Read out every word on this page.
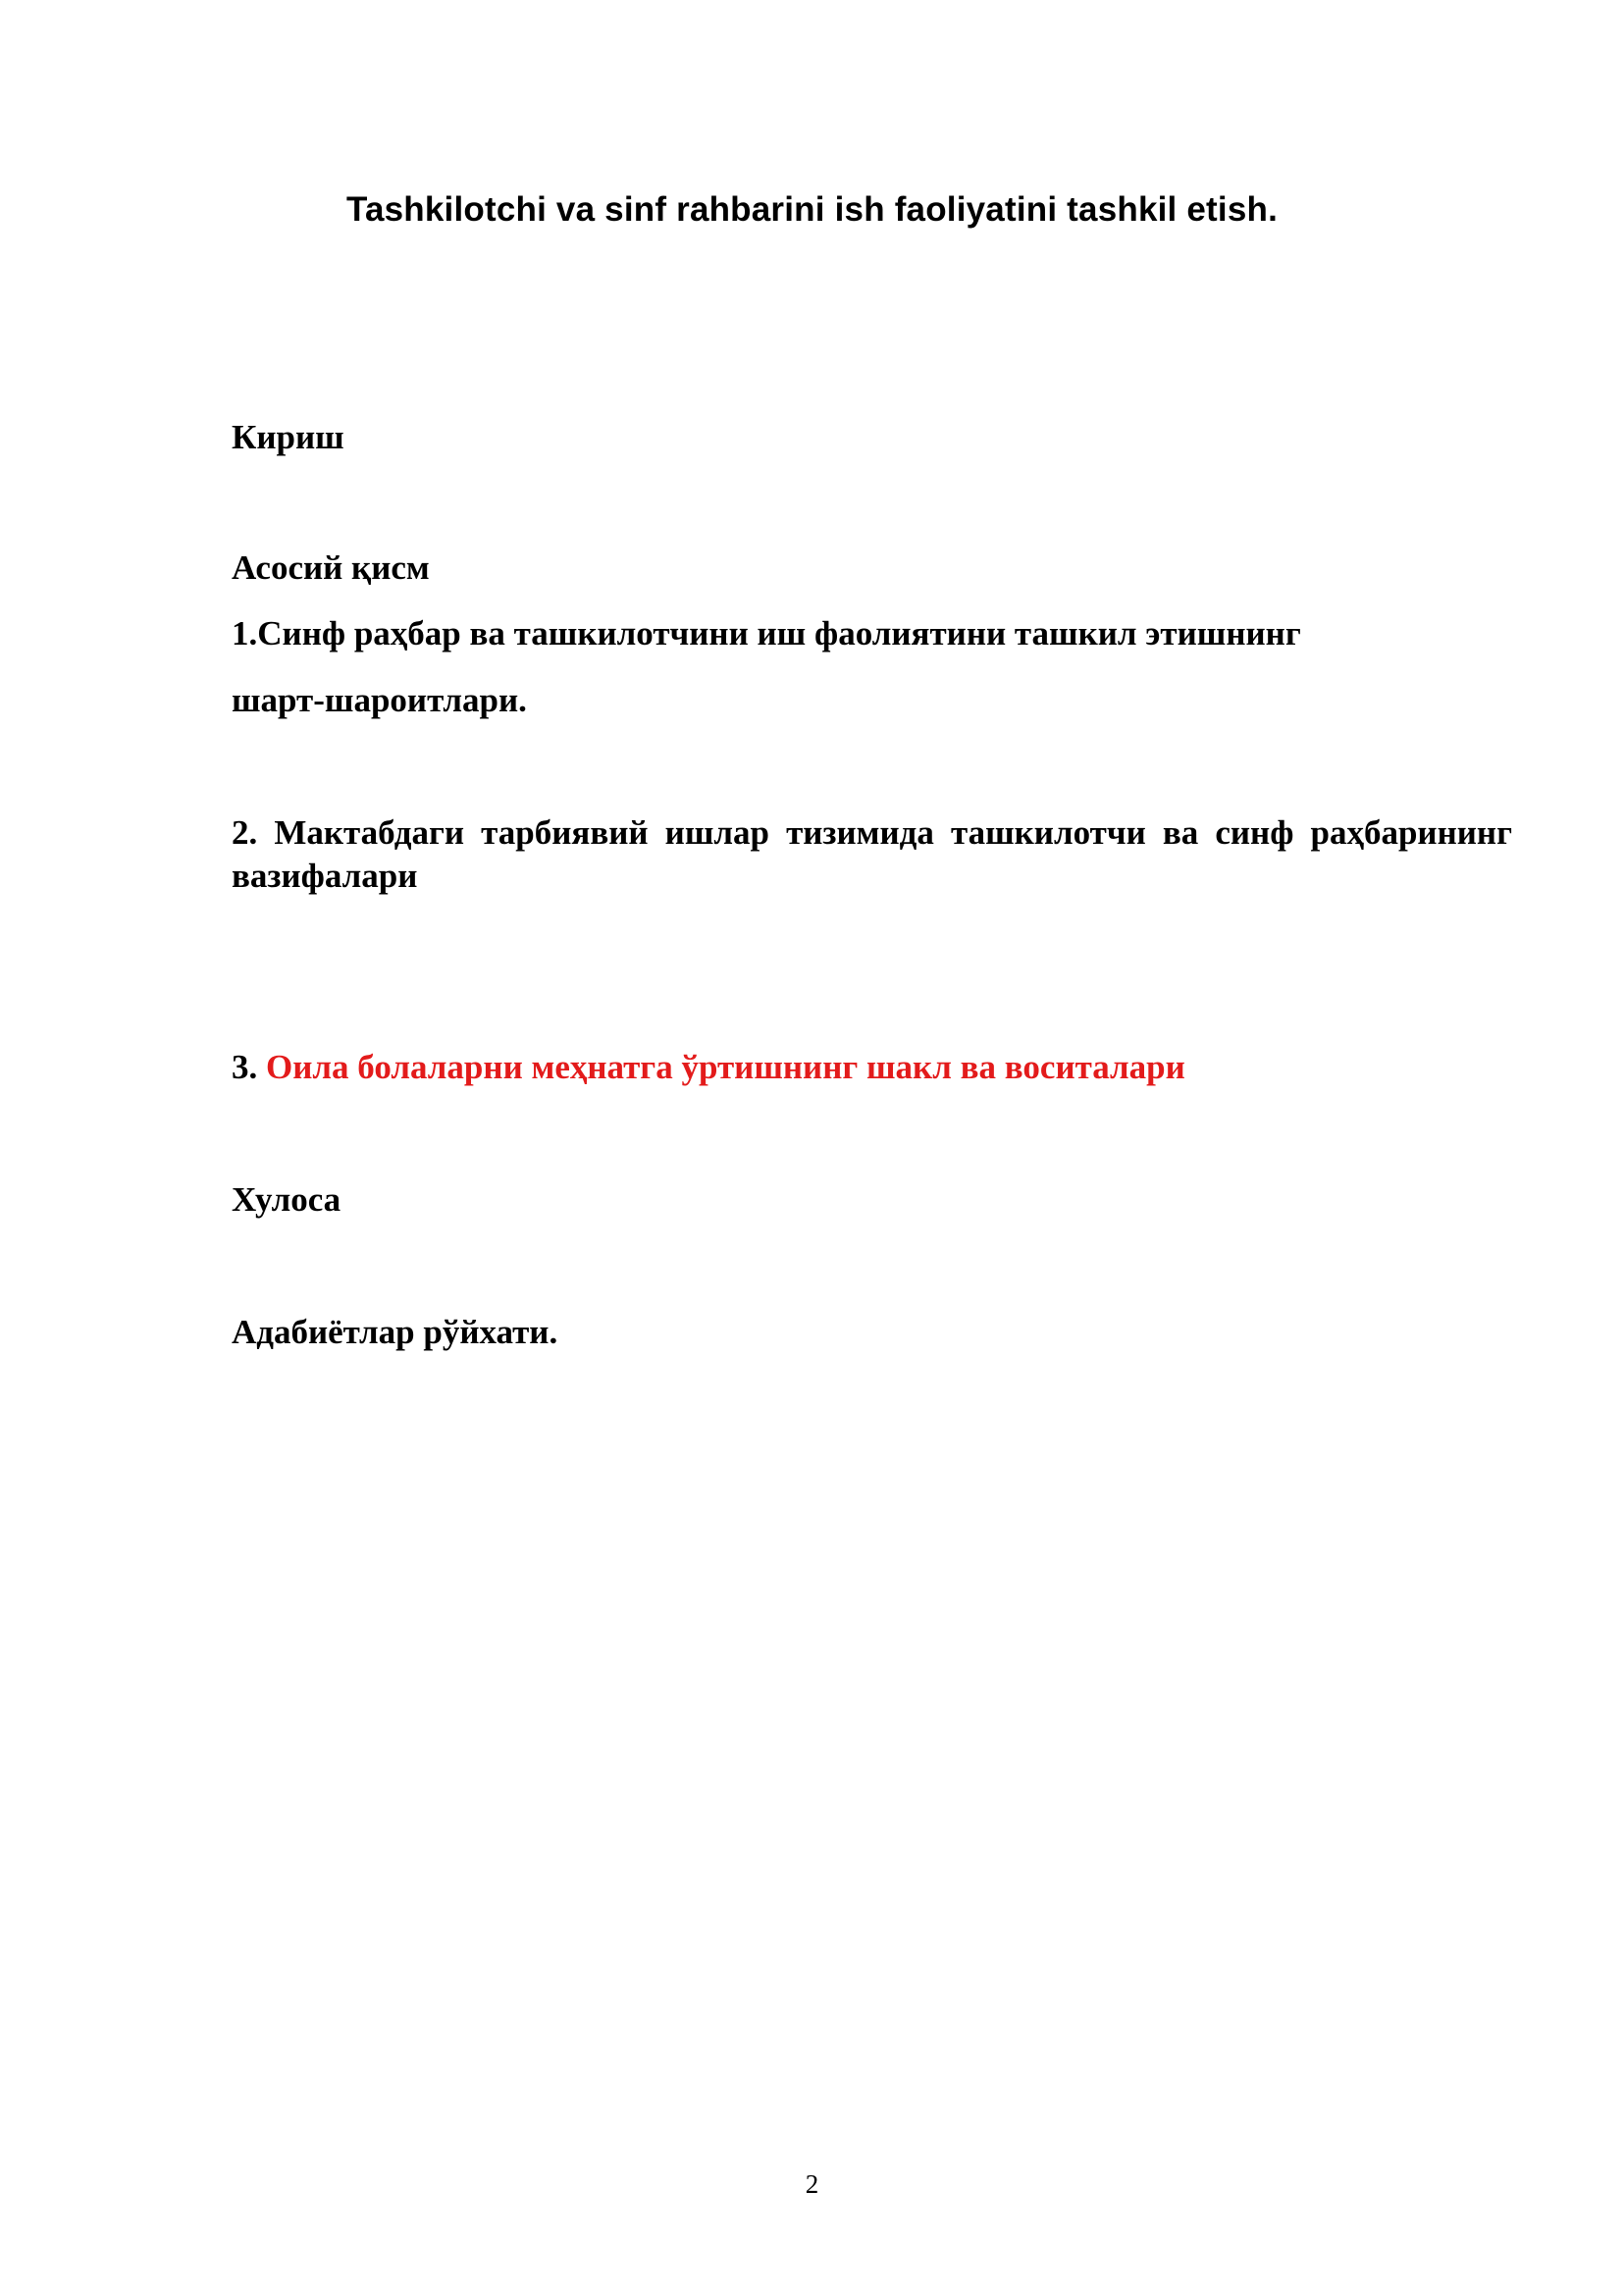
Tashkilotchi va sinf rahbarini ish faoliyatini tashkil etish.
Кириш
Асосий қисм
1.Синф раҳбар ва ташкилотчини иш фаолиятини ташкил этишнинг
шарт-шароитлари.
2. Мактабдаги тарбиявий ишлар тизимида ташкилотчи ва синф раҳбарининг вазифалари
3. Оила болаларни меҳнатга ўртишнинг шакл ва воситалари
Хулоса
Адабиётлар рўйхати.
2
